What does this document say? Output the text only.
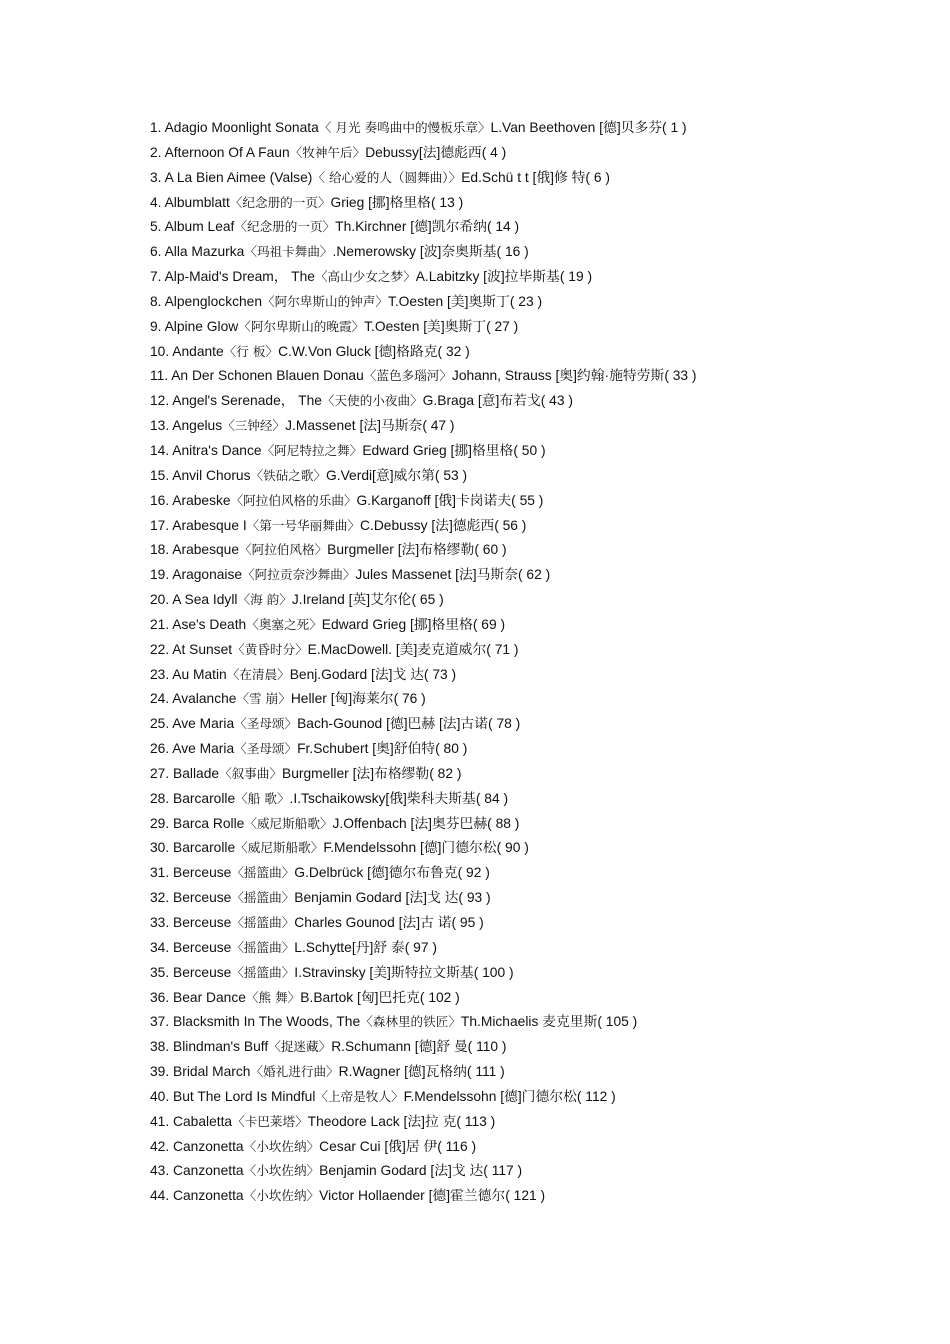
1. Adagio Moonlight Sonata〈 月光 奏鸣曲中的慢板乐章〉L.Van Beethoven [德]贝多芬( 1 )
2. Afternoon Of A Faun〈牧神午后〉Debussy[法]德彪西( 4 )
3. A La Bien Aimee (Valse)〈 给心爱的人（圆舞曲）〉Ed.Schü t t [俄]修 特( 6 )
4. Albumblatt〈纪念册的一页〉Grieg [挪]格里格( 13 )
5. Album Leaf〈纪念册的一页〉Th.Kirchner [德]凯尔希纳( 14 )
6. Alla Mazurka〈玛祖卡舞曲〉.Nemerowsky [波]奈奥斯基( 16 )
7. Alp-Maid's Dream， The〈高山少女之梦〉A.Labitzky [波]拉毕斯基( 19 )
8. Alpenglockchen〈阿尔卑斯山的钟声〉T.Oesten [美]奥斯丁( 23 )
9. Alpine Glow〈阿尔卑斯山的晚霞〉T.Oesten [美]奥斯丁( 27 )
10. Andante〈行 板〉C.W.Von Gluck [德]格路克( 32 )
11. An Der Schonen Blauen Donau〈蓝色多瑙河〉Johann, Strauss [奥]约翰·施特劳斯( 33 )
12. Angel's Serenade， The〈天使的小夜曲〉G.Braga [意]布若戈( 43 )
13. Angelus〈三钟经〉J.Massenet [法]马斯奈( 47 )
14. Anitra's Dance〈阿尼特拉之舞〉Edward Grieg [挪]格里格( 50 )
15. Anvil Chorus〈铁砧之歌〉G.Verdi[意]威尔第( 53 )
16. Arabeske〈阿拉伯风格的乐曲〉G.Karganoff [俄]卡岗诺夫( 55 )
17. Arabesque I〈第一号华丽舞曲〉C.Debussy [法]德彪西( 56 )
18. Arabesque〈阿拉伯风格〉Burgmeller [法]布格缪勒( 60 )
19. Aragonaise〈阿拉贡奈沙舞曲〉Jules Massenet [法]马斯奈( 62 )
20. A Sea Idyll〈海 韵〉J.Ireland [英]艾尔伦( 65 )
21. Ase's Death〈奥塞之死〉Edward Grieg [挪]格里格( 69 )
22. At Sunset〈黄昏时分〉E.MacDowell. [美]麦克道威尔( 71 )
23. Au Matin〈在清晨〉Benj.Godard [法]戈 达( 73 )
24. Avalanche〈雪 崩〉Heller [匈]海莱尔( 76 )
25. Ave Maria〈圣母颂〉Bach-Gounod [德]巴赫 [法]古诺( 78 )
26. Ave Maria〈圣母颂〉Fr.Schubert [奥]舒伯特( 80 )
27. Ballade〈叙事曲〉Burgmeller [法]布格缪勒( 82 )
28. Barcarolle〈船 歌〉.I.Tschaikowsky[俄]柴科夫斯基( 84 )
29. Barca Rolle〈威尼斯船歌〉J.Offenbach [法]奥芬巴赫( 88 )
30. Barcarolle〈威尼斯船歌〉F.Mendelssohn [德]门德尔松( 90 )
31. Berceuse〈摇篮曲〉G.Delbrück [德]德尔布鲁克( 92 )
32. Berceuse〈摇篮曲〉Benjamin Godard [法]戈 达( 93 )
33. Berceuse〈摇篮曲〉Charles Gounod [法]古 诺( 95 )
34. Berceuse〈摇篮曲〉L.Schytte[丹]舒 泰( 97 )
35. Berceuse〈摇篮曲〉I.Stravinsky [美]斯特拉文斯基( 100 )
36. Bear Dance〈熊 舞〉B.Bartok [匈]巴托克( 102 )
37. Blacksmith In The Woods, The〈森林里的铁匠〉Th.Michaelis 麦克里斯( 105 )
38. Blindman's Buff〈捉迷藏〉R.Schumann [德]舒 曼( 110 )
39. Bridal March〈婚礼进行曲〉R.Wagner [德]瓦格纳( 111 )
40. But The Lord Is Mindful〈上帝是牧人〉F.Mendelssohn [德]门德尔松( 112 )
41. Cabaletta〈卡巴莱塔〉Theodore Lack [法]拉 克( 113 )
42. Canzonetta〈小坎佐纳〉Cesar Cui [俄]居 伊( 116 )
43. Canzonetta〈小坎佐纳〉Benjamin Godard [法]戈 达( 117 )
44. Canzonetta〈小坎佐纳〉Victor Hollaender [德]霍兰德尔( 121 )
